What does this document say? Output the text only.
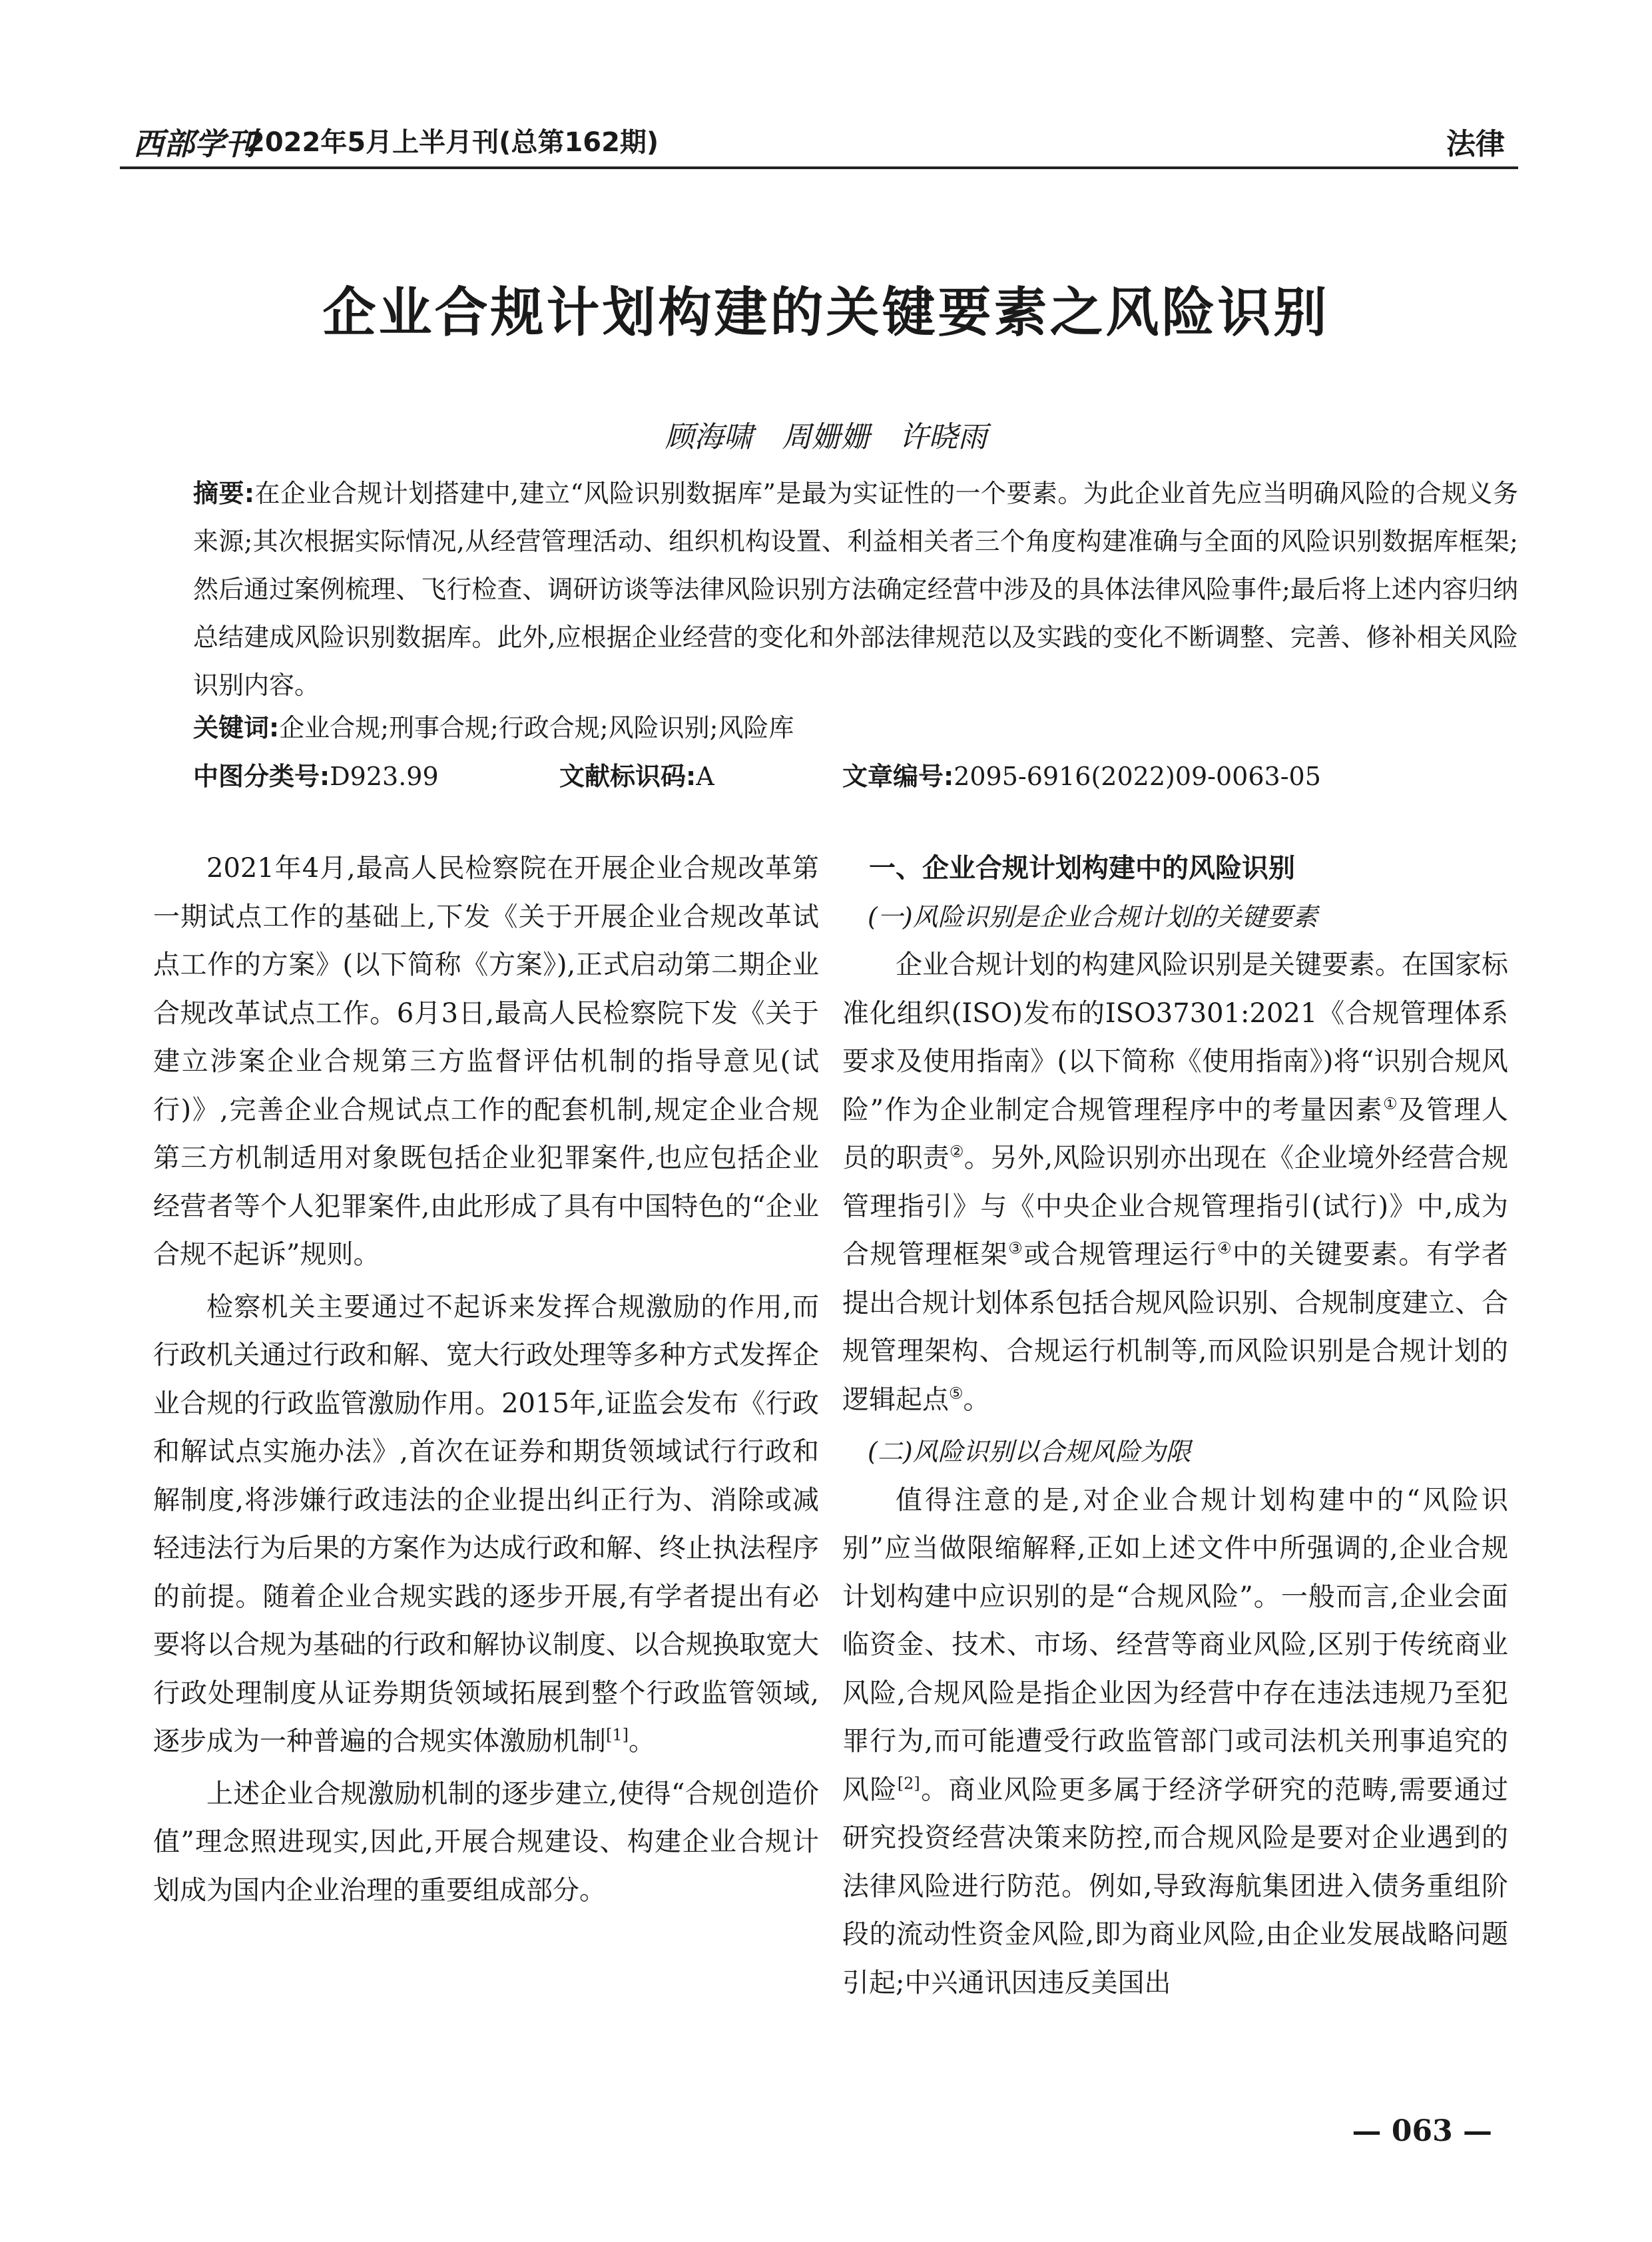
西部学刊
2022年5月上半月刊(总第162期)	法律
企业合规计划构建的关键要素之风险识别
顾海啸　周姗姗　许晓雨

摘要:在企业合规计划搭建中,建立“风险识别数据库”是最为实证性的一个要素。为此企业首先应当明确风险的合规义务来源;其次根据实际情况,从经营管理活动、组织机构设置、利益相关者三个角度构建准确与全面的风险识别数据库框架;然后通过案例梳理、飞行检查、调研访谈等法律风险识别方法确定经营中涉及的具体法律风险事件;最后将上述内容归纳总结建成风险识别数据库。此外,应根据企业经营的变化和外部法律规范以及实践的变化不断调整、完善、修补相关风险识别内容。

关键词:企业合规;刑事合规;行政合规;风险识别;风险库
中图分类号:D923.99	文献标识码:A	文章编号:2095-6916(2022)09-0063-05

2021年4月,最高人民检察院在开展企业合规改革第一期试点工作的基础上,下发《关于开展企业合规改革试点工作的方案》(以下简称《方案》),正式启动第二期企业合规改革试点工作。6月3日,最高人民检察院下发《关于建立涉案企业合规第三方监督评估机制的指导意见(试行)》,完善企业合规试点工作的配套机制,规定企业合规第三方机制适用对象既包括企业犯罪案件,也应包括企业经营者等个人犯罪案件,由此形成了具有中国特色的“企业合规不起诉”规则。

检察机关主要通过不起诉来发挥合规激励的作用,而行政机关通过行政和解、宽大行政处理等多种方式发挥企业合规的行政监管激励作用。2015年,证监会发布《行政和解试点实施办法》,首次在证券和期货领域试行行政和解制度,将涉嫌行政违法的企业提出纠正行为、消除或减轻违法行为后果的方案作为达成行政和解、终止执法程序的前提。随着企业合规实践的逐步开展,有学者提出有必要将以合规为基础的行政和解协议制度、以合规换取宽大行政处理制度从证券期货领域拓展到整个行政监管领域,逐步成为一种普遍的合规实体激励机制[1]。

上述企业合规激励机制的逐步建立,使得“合规创造价值”理念照进现实,因此,开展合规建设、构建企业合规计划成为国内企业治理的重要组成部分。

一、企业合规计划构建中的风险识别
(一)风险识别是企业合规计划的关键要素

企业合规计划的构建风险识别是关键要素。在国家标准化组织(ISO)发布的ISO37301:2021《合规管理体系要求及使用指南》(以下简称《使用指南》)将“识别合规风险”作为企业制定合规管理程序中的考量因素①及管理人员的职责②。另外,风险识别亦出现在《企业境外经营合规管理指引》与《中央企业合规管理指引(试行)》中,成为合规管理框架③或合规管理运行④中的关键要素。有学者提出合规计划体系包括合规风险识别、合规制度建立、合规管理架构、合规运行机制等,而风险识别是合规计划的逻辑起点⑤。

(二)风险识别以合规风险为限

值得注意的是,对企业合规计划构建中的“风险识别”应当做限缩解释,正如上述文件中所强调的,企业合规计划构建中应识别的是“合规风险”。一般而言,企业会面临资金、技术、市场、经营等商业风险,区别于传统商业风险,合规风险是指企业因为经营中存在违法违规乃至犯罪行为,而可能遭受行政监管部门或司法机关刑事追究的风险[2]。商业风险更多属于经济学研究的范畴,需要通过研究投资经营决策来防控,而合规风险是要对企业遇到的法律风险进行防范。例如,导致海航集团进入债务重组阶段的流动性资金风险,即为商业风险,由企业发展战略问题引起;中兴通讯因违反美国出

— 063 —
